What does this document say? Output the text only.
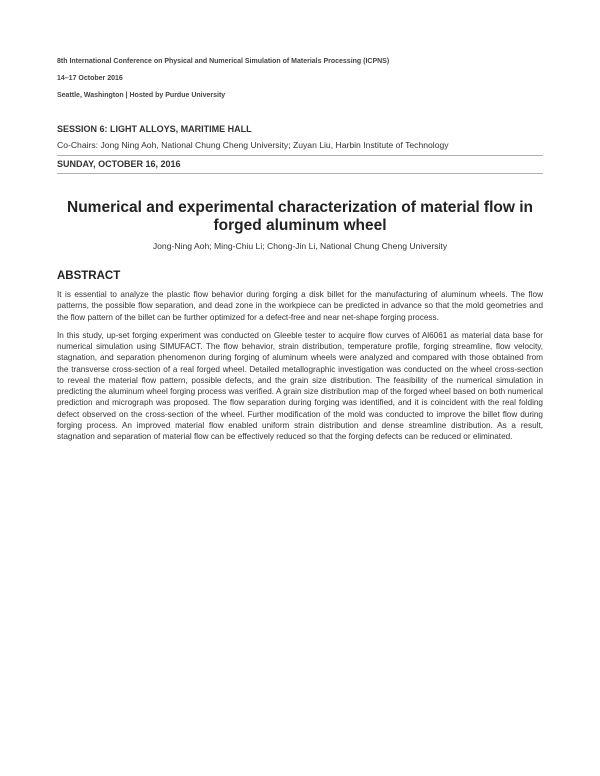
8th International Conference on Physical and Numerical Simulation of Materials Processing (ICPNS)
14–17 October 2016
Seattle, Washington | Hosted by Purdue University
SESSION 6: LIGHT ALLOYS, MARITIME HALL
Co-Chairs: Jong Ning Aoh, National Chung Cheng University; Zuyan Liu, Harbin Institute of Technology
SUNDAY, OCTOBER 16, 2016
Numerical and experimental characterization of material flow in
forged aluminum wheel
Jong-Ning Aoh; Ming-Chiu Li; Chong-Jin Li, National Chung Cheng University
ABSTRACT

It is essential to analyze the plastic flow behavior during forging a disk billet for the manufacturing of aluminum wheels. The flow patterns, the possible flow separation, and dead zone in the workpiece can be predicted in advance so that the mold geometries and the flow pattern of the billet can be further optimized for a defect-free and near net-shape forging process.

In this study, up-set forging experiment was conducted on Gleeble tester to acquire flow curves of Al6061 as material data base for numerical simulation using SIMUFACT. The flow behavior, strain distribution, temperature profile, forging streamline, flow velocity, stagnation, and separation phenomenon during forging of aluminum wheels were analyzed and compared with those obtained from the transverse cross-section of a real forged wheel. Detailed metallographic investigation was conducted on the wheel cross-section to reveal the material flow pattern, possible defects, and the grain size distribution. The feasibility of the numerical simulation in predicting the aluminum wheel forging process was verified. A grain size distribution map of the forged wheel based on both numerical prediction and micrograph was proposed. The flow separation during forging was identified, and it is coincident with the real folding defect observed on the cross-section of the wheel. Further modification of the mold was conducted to improve the billet flow during forging process. An improved material flow enabled uniform strain distribution and dense streamline distribution. As a result, stagnation and separation of material flow can be effectively reduced so that the forging defects can be reduced or eliminated.
